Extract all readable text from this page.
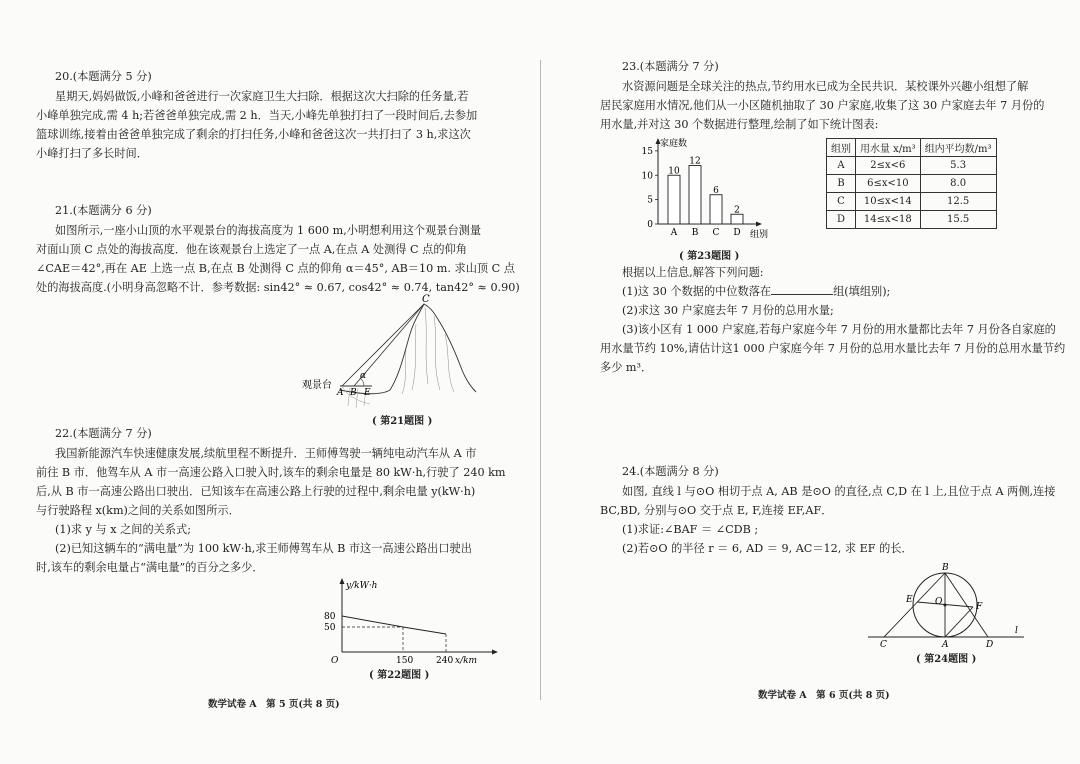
20.(本题满分 5 分)
星期天,妈妈做饭,小峰和爸爸进行一次家庭卫生大扫除．根据这次大扫除的任务量,若
小峰单独完成,需 4 h;若爸爸单独完成,需 2 h．当天,小峰先单独打扫了一段时间后,去参加
篮球训练,接着由爸爸单独完成了剩余的打扫任务,小峰和爸爸这次一共打扫了 3 h,求这次
小峰打扫了多长时间．
21.(本题满分 6 分)
如图所示,一座小山顶的水平观景台的海拔高度为 1 600 m,小明想利用这个观景台测量
对面山顶 C 点处的海拔高度．他在该观景台上选定了一点 A,在点 A 处测得 C 点的仰角
∠CAE＝42°,再在 AE 上选一点 B,在点 B 处测得 C 点的仰角 α＝45°, AB＝10 m. 求山顶 C 点
处的海拔高度.(小明身高忽略不计．参考数据: sin42° ≈ 0.67, cos42° ≈ 0.74, tan42° ≈ 0.90)
C
α
观景台
A B E
( 第21题图 )
22.(本题满分 7 分)
我国新能源汽车快速健康发展,续航里程不断提升．王师傅驾驶一辆纯电动汽车从 A 市
前往 B 市．他驾车从 A 市一高速公路入口驶入时,该车的剩余电量是 80 kW·h,行驶了 240 km
后,从 B 市一高速公路出口驶出．已知该车在高速公路上行驶的过程中,剩余电量 y(kW·h)
与行驶路程 x(km)之间的关系如图所示．
(1)求 y 与 x 之间的关系式;
(2)已知这辆车的“满电量”为 100 kW·h,求王师傅驾车从 B 市这一高速公路出口驶出
时,该车的剩余电量占“满电量”的百分之多少．
y/kW·h
x/km
O
80
50
150	240
( 第22题图 )
数学试卷 A　第 5 页(共 8 页)
23.(本题满分 7 分)
水资源问题是全球关注的热点,节约用水已成为全民共识．某校课外兴趣小组想了解
居民家庭用水情况,他们从一小区随机抽取了 30 户家庭,收集了这 30 户家庭去年 7 月份的
用水量,并对这 30 个数据进行整理,绘制了如下统计图表:
家庭数
组别
0
5
10
15
10
A
12
B
6
C
2
D
组别	用水量 x/m³	组内平均数/m³
A	2≤x<6	5.3
B	6≤x<10	8.0
C	10≤x<14	12.5
D	14≤x<18	15.5
( 第23题图 )
根据以上信息,解答下列问题:
(1)这 30 个数据的中位数落在	组(填组别);
(2)求这 30 户家庭去年 7 月份的总用水量;
(3)该小区有 1 000 户家庭,若每户家庭今年 7 月份的用水量都比去年 7 月份各自家庭的
用水量节约 10%,请估计这1 000 户家庭今年 7 月份的总用水量比去年 7 月份的总用水量节约
多少 m³．
24.(本题满分 8 分)
如图, 直线 l 与⊙O 相切于点 A, AB 是⊙O 的直径,点 C,D 在 l 上,且位于点 A 两侧,连接
BC,BD, 分别与⊙O 交于点 E, F,连接 EF,AF．
(1)求证:∠BAF ＝ ∠CDB ;
(2)若⊙O 的半径 r ＝ 6, AD ＝ 9, AC＝12, 求 EF 的长．
B
E O	F
C	A	D
l
( 第24题图 )
数学试卷 A　第 6 页(共 8 页)
